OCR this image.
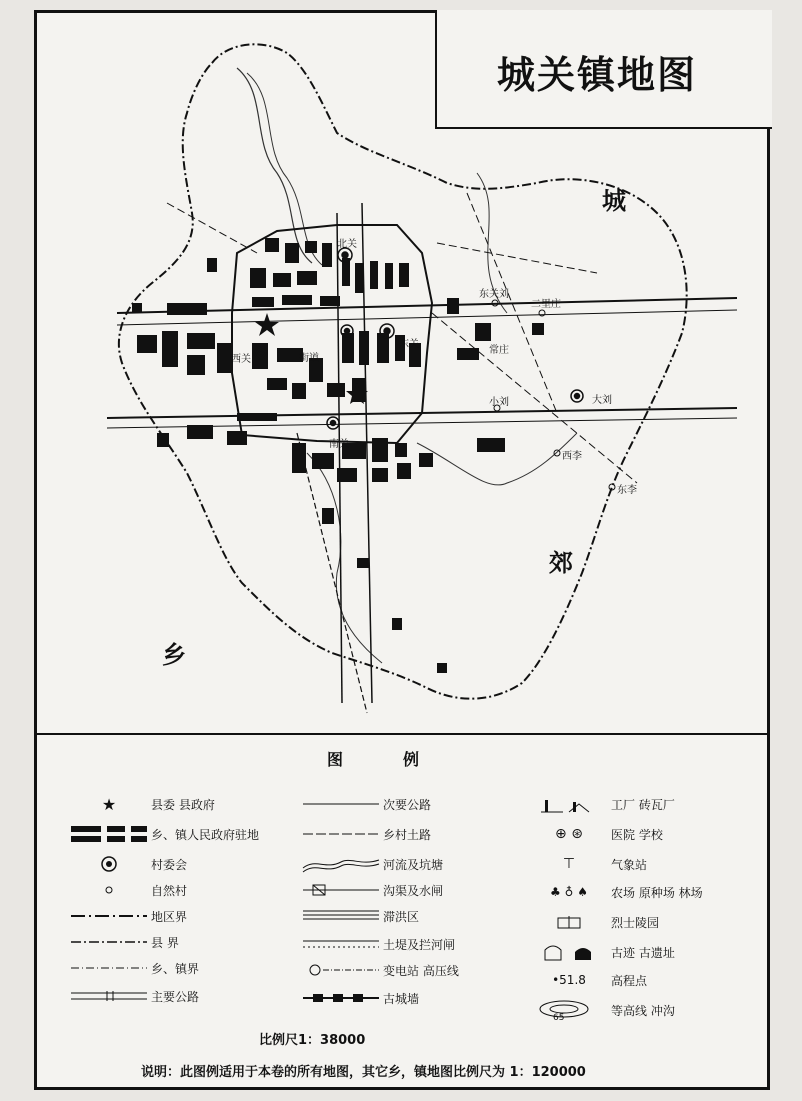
城关镇地图
城
郊
乡
北关
东关
西关
南关
街道
东关刘
二里庄
常庄
大刘
小刘
西李
东李
图例
★	县委 县政府
乡、镇人民政府驻地
村委会
自然村
地区界
县 界
乡、镇界
主要公路
次要公路
乡村土路
河流及坑塘
沟渠及水闸
滞洪区
土堤及拦河闸
变电站 高压线
古城墙
工厂 砖瓦厂
⊕ ⊛ 医院 学校
⊤	气象站
♣ ♁ ♠ 农场 原种场 林场
烈士陵园
古迹 古遗址
• 51.8 高程点
65
等高线 冲沟
比例尺1：38000
说明：此图例适用于本卷的所有地图，其它乡，镇地图比例尺为 1：120000
